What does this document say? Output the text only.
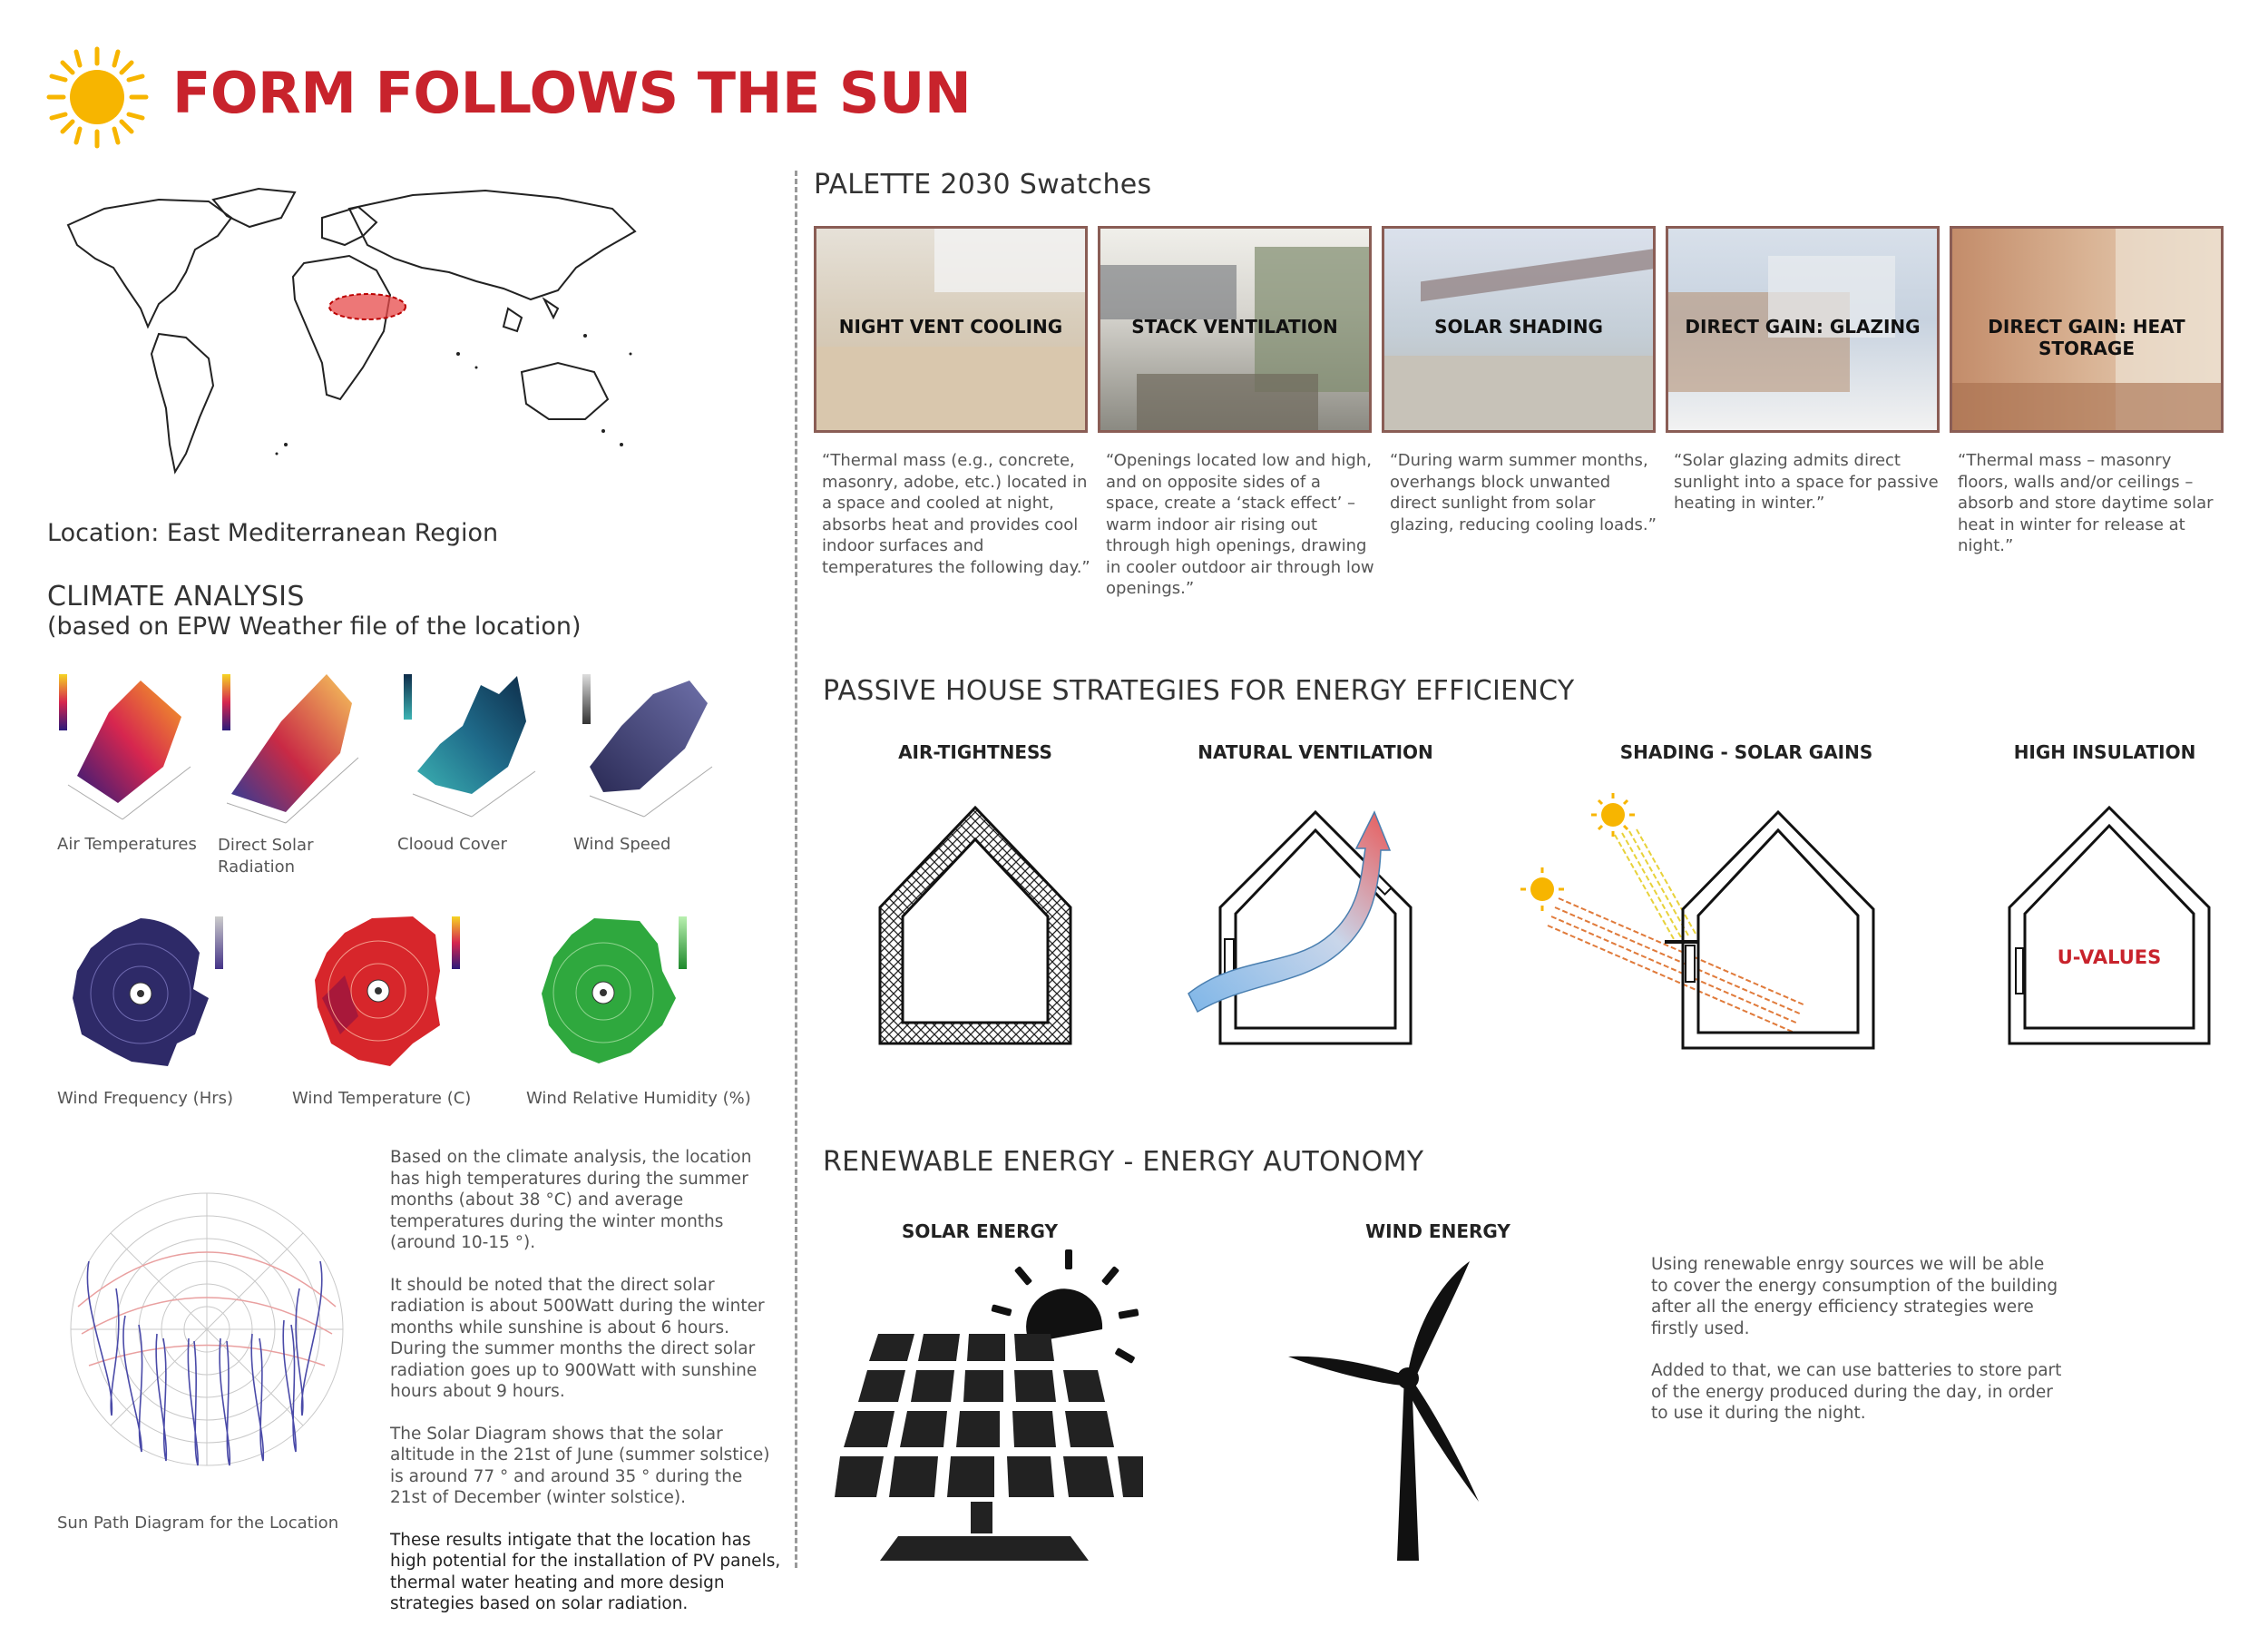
FORM FOLLOWS THE SUN
Location: East Mediterranean Region
CLIMATE ANALYSIS
(based on EPW Weather file of the location)
Air Temperatures Direct Solar
Radiation
Clooud Cover	Wind Speed
Wind Frequency (Hrs)	Wind Temperature (C)	Wind Relative Humidity (%)
Sun Path Diagram for the Location

Based on the climate analysis, the location has high temperatures during the summer months (about 38 °C) and average temperatures during the winter months (around 10-15 °).

It should be noted that the direct solar radiation is about 500Watt during the winter months while sunshine is about 6 hours. During the summer months the direct solar radiation goes up to 900Watt with sunshine hours about 9 hours.

The Solar Diagram shows that the solar altitude in the 21st of June (summer solstice) is around 77 ° and around 35 ° during the 21st of December (winter solstice).

These results intigate that the location has high potential for the installation of PV panels, thermal water heating and more design strategies based on solar radiation.

PALETTE 2030 Swatches
NIGHT VENT COOLING	STACK VENTILATION	SOLAR SHADING	DIRECT GAIN: GLAZING	DIRECT GAIN: HEAT STORAGE
“Thermal mass (e.g., concrete, masonry, adobe, etc.) located in a space and cooled at night, absorbs heat and provides cool indoor surfaces and temperatures the following day.”
“Openings located low and high, and on opposite sides of a space, create a ‘stack effect’ – warm indoor air rising out through high openings, drawing in cooler outdoor air through low openings.”
“During warm summer months, overhangs block unwanted direct sunlight from solar glazing, reducing cooling loads.”
“Solar glazing admits direct sunlight into a space for passive heating in winter.”
“Thermal mass – masonry floors, walls and/or ceilings – absorb and store daytime solar heat in winter for release at night.”
PASSIVE HOUSE STRATEGIES FOR ENERGY EFFICIENCY
AIR-TIGHTNESS	NATURAL VENTILATION	SHADING - SOLAR GAINS	HIGH INSULATION
U-VALUES
RENEWABLE ENERGY - ENERGY AUTONOMY
SOLAR ENERGY	WIND ENERGY

Using renewable enrgy sources we will be able to cover the energy consumption of the building after all the energy efficiency strategies were firstly used.

Added to that, we can use batteries to store part of the energy produced during the day, in order to use it during the night.
